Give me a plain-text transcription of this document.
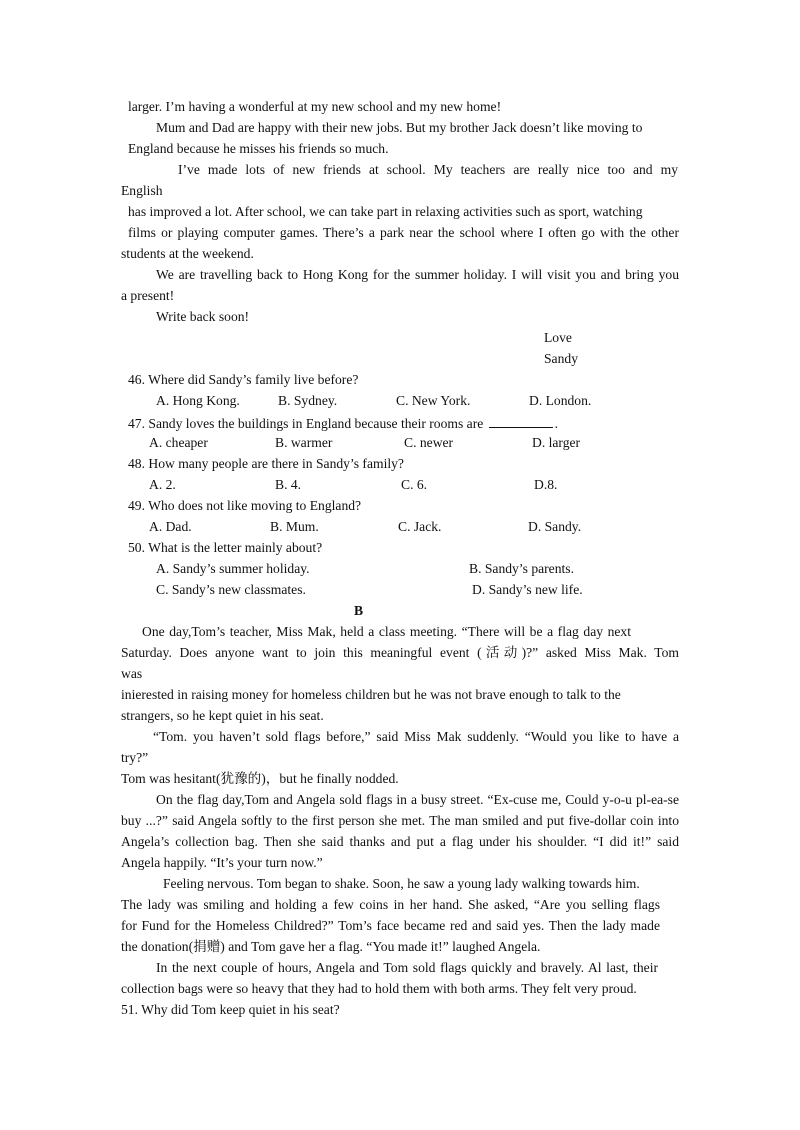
larger. I’m having a wonderful at my new school and my new home!
Mum and Dad are happy with their new jobs. But my brother Jack doesn’t like moving to
England because he misses his friends so much.
I’ve made lots of new friends at school. My teachers are really nice too and my
English
has improved a lot. After school, we can take part in relaxing activities such as sport, watching
films or playing computer games. There’s a park near the school where I often go with the other
students at the weekend.
We are travelling back to Hong Kong for the summer holiday. I will visit you and bring you
a present!
Write back soon!
Love
Sandy
46. Where did Sandy’s family live before?
A. Hong Kong.	B. Sydney.	C. New York.	D. London.
47. Sandy loves the buildings in England because their rooms are	.
A. cheaper	B. warmer	C. newer	D. larger
48. How many people are there in Sandy’s family?
A. 2.	B. 4.	C. 6.	D.8.
49. Who does not like moving to England?
A. Dad.	B. Mum.	C. Jack.	D. Sandy.
50. What is the letter mainly about?
A. Sandy’s summer holiday.	B. Sandy’s parents.
C. Sandy’s new classmates.	D. Sandy’s new life.
B
One day,Tom’s teacher, Miss Mak, held a class meeting. “There will be a flag day next
Saturday. Does anyone want to join this meaningful event (活动)?” asked Miss Mak. Tom
was
inierested in raising money for homeless children but he was not brave enough to talk to the
strangers, so he kept quiet in his seat.
“Tom. you haven’t sold flags before,” said Miss Mak suddenly. “Would you like to have a
try?”
Tom was hesitant(犹豫的)，but he finally nodded.
On the flag day,Tom and Angela sold flags in a busy street. “Ex-cuse me, Could y-o-u pl-ea-se
buy ...?” said Angela softly to the first person she met. The man smiled and put five-dollar coin into
Angela’s collection bag. Then she said thanks and put a flag under his shoulder. “I did it!” said
Angela happily. “It’s your turn now.”
Feeling nervous. Tom began to shake. Soon, he saw a young lady walking towards him.
The lady was smiling and holding a few coins in her hand. She asked, “Are you selling flags
for Fund for the Homeless Childred?” Tom’s face became red and said yes. Then the lady made
the donation(捐赠) and Tom gave her a flag. “You made it!” laughed Angela.
In the next couple of hours, Angela and Tom sold flags quickly and bravely. Al last, their
collection bags were so heavy that they had to hold them with both arms. They felt very proud.
51. Why did Tom keep quiet in his seat?
